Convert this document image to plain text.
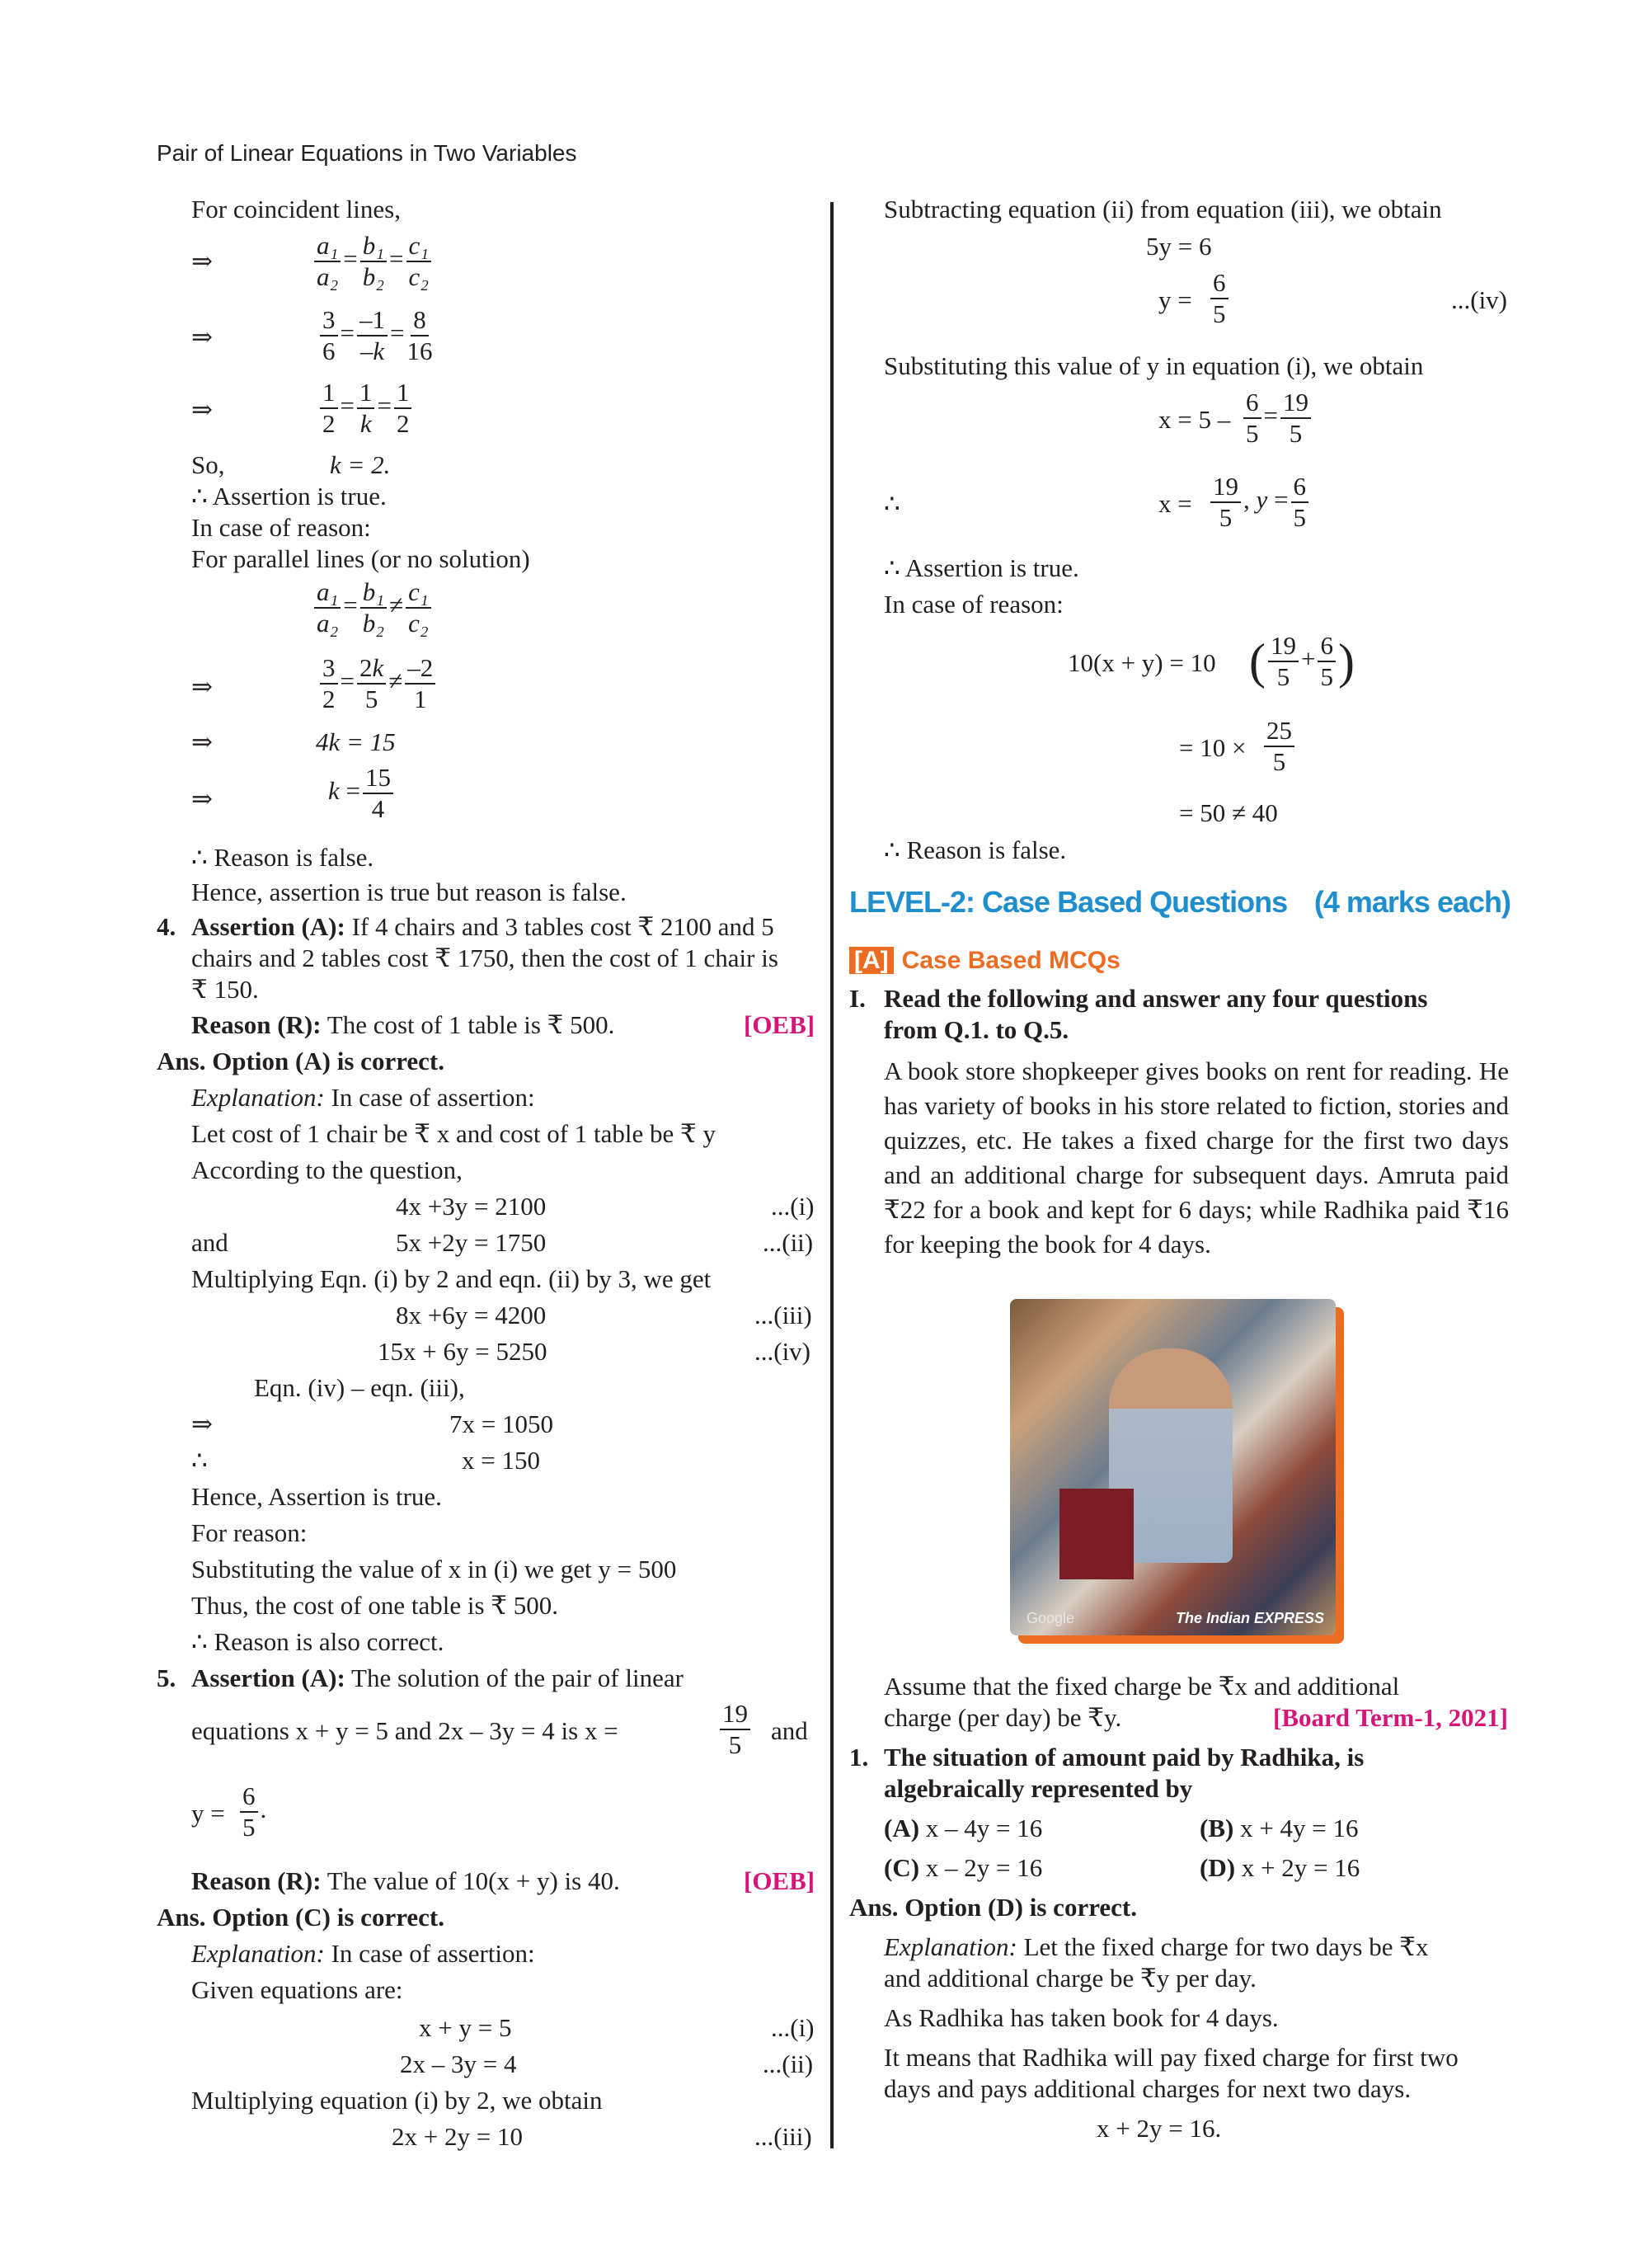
Pair of Linear Equations in Two Variables
For coincident lines,
⇒	$\frac{\text{a₁}}{\text{a₂}} = \frac{\text{b₁}}{\text{b₂}} = \frac{\text{c₁}}{\text{c₂}}$
⇒	$\frac{3}{6} = \frac{-1}{-k} = \frac{8}{16}$
⇒	$\frac{1}{2} = \frac{1}{k} = \frac{1}{2}$
So,	k = 2.
∴ Assertion is true.
In case of reason:
For parallel lines (or no solution)
$\frac{\text{a₁}}{\text{a₂}} = \frac{\text{b₁}}{\text{b₂}} \ne \frac{\text{c₁}}{\text{c₂}}$
⇒	$\frac{3}{2} = \frac{2k}{5} \ne \frac{-2}{1}$
⇒	4k = 15
⇒	$k = \frac{15}{4}$
∴ Reason is false.
Hence, assertion is true but reason is false.
4. Assertion (A): If 4 chairs and 3 tables cost ₹ 2100 and 5
chairs and 2 tables cost ₹ 1750, then the cost of 1 chair is
₹ 150.
Reason (R): The cost of 1 table is ₹ 500.	[OEB]
Ans. Option (A) is correct.
Explanation: In case of assertion:
Let cost of 1 chair be ₹ x and cost of 1 table be ₹ y
According to the question,
4x +3y = 2100	...(i)
and	5x +2y = 1750	...(ii)
Multiplying Eqn. (i) by 2 and eqn. (ii) by 3, we get
8x +6y = 4200	...(iii)
15x + 6y = 5250	...(iv)
Eqn. (iv) – eqn. (iii),
⇒	7x = 1050
∴	x = 150
Hence, Assertion is true.
For reason:
Substituting the value of x in (i) we get y = 500
Thus, the cost of one table is ₹ 500.
∴ Reason is also correct.
5. Assertion (A): The solution of the pair of linear
equations x + y = 5 and 2x – 3y = 4 is x =	$\frac{19}{5}$ and
$y = \frac{6}{5}$ .
Reason (R): The value of 10(x + y) is 40.	[OEB]
Ans. Option (C) is correct.
Explanation: In case of assertion:
Given equations are:
x + y = 5	...(i)
2x – 3y = 4	...(ii)
Multiplying equation (i) by 2, we obtain
2x + 2y = 10	...(iii)
Subtracting equation (ii) from equation (iii), we obtain
5y = 6
$y = \frac{6}{5}$	...(iv)
Substituting this value of y in equation (i), we obtain
$x = 5 - \frac{6}{5} = \frac{19}{5}$
∴	$x = \frac{19}{5}$ , $y = \frac{6}{5}$
∴ Assertion is true.
In case of reason:
10(x + y) = 10 ( $\frac{19}{5} + \frac{6}{5}$ )
= $10 \times \frac{25}{5}$
= 50 ≠ 40
∴ Reason is false.
LEVEL-2: Case Based Questions (4 marks each)
[A] Case Based MCQs
I. Read the following and answer any four questions
from Q.1. to Q.5.
A book store shopkeeper gives books on rent for reading. He has variety of books in his store related to fiction, stories and quizzes, etc. He takes a fixed charge for the first two days and an additional charge for subsequent days. Amruta paid ₹22 for a book and kept for 6 days; while Radhika paid ₹16 for keeping the book for 4 days.
Google	The Indian EXPRESS
Assume that the fixed charge be ₹x and additional
charge (per day) be ₹y.	[Board Term-1, 2021]
1. The situation of amount paid by Radhika, is
algebraically represented by
(A) x – 4y = 16	(B) x + 4y = 16
(C) x – 2y = 16	(D) x + 2y = 16
Ans. Option (D) is correct.
Explanation: Let the fixed charge for two days be ₹x
and additional charge be ₹y per day.
As Radhika has taken book for 4 days.
It means that Radhika will pay fixed charge for first two
days and pays additional charges for next two days.
x + 2y = 16.
